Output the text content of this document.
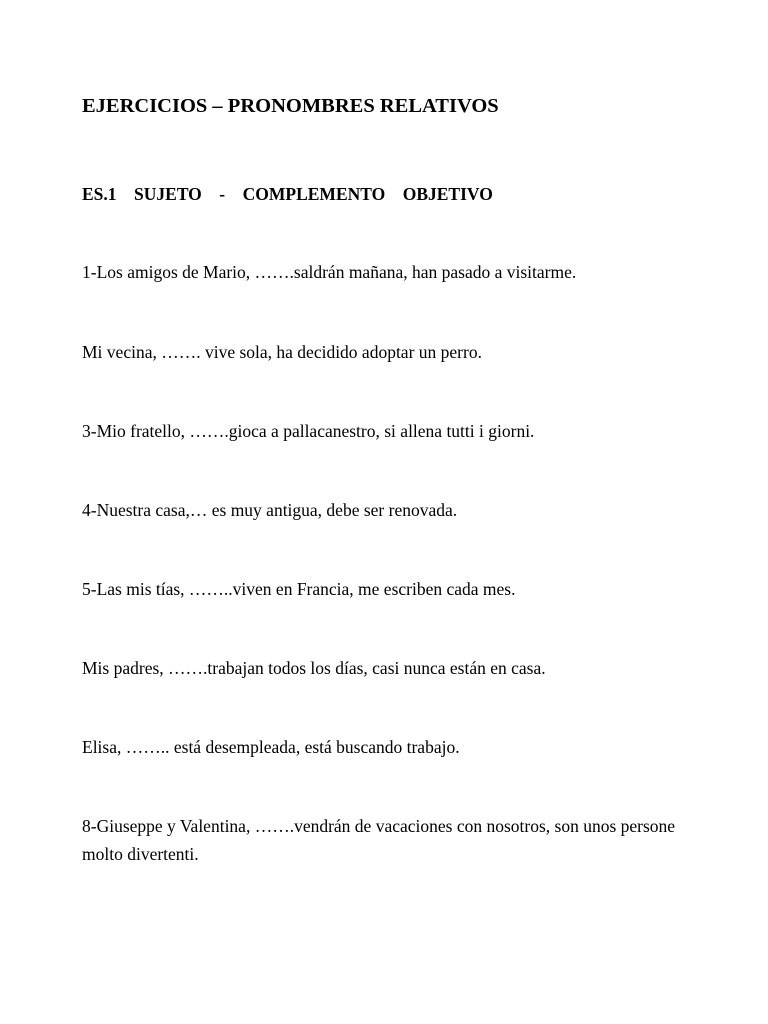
EJERCICIOS – PRONOMBRES RELATIVOS
ES.1    SUJETO    -    COMPLEMENTO    OBJETIVO
1-Los amigos de Mario, …….saldrán mañana, han pasado a visitarme.
Mi vecina, ……. vive sola, ha decidido adoptar un perro.
3-Mio fratello, …….gioca a pallacanestro, si allena tutti i giorni.
4-Nuestra casa,… es muy antigua, debe ser renovada.
5-Las mis tías, ……..viven en Francia, me escriben cada mes.
Mis padres, …….trabajan todos los días, casi nunca están en casa.
Elisa, …….. está desempleada, está buscando trabajo.
8-Giuseppe y Valentina, …….vendrán de vacaciones con nosotros, son unos persone molto divertenti.
